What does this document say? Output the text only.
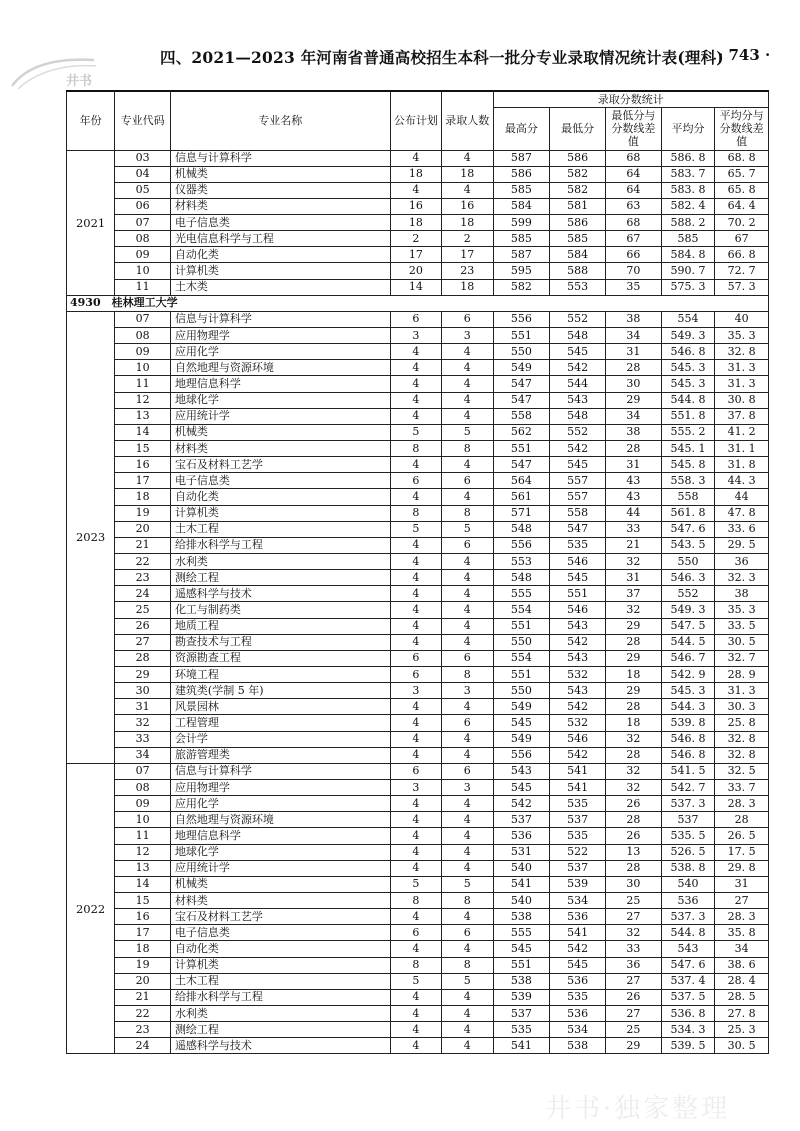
井书
四、2021—2023 年河南省普通高校招生本科一批分专业录取情况统计表(理科)
· 743 ·
年份	专业代码	专业名称	公布计划	录取人数	录取分数统计				
					最高分	最低分	最低分与分数线差值	平均分	平均分与分数线差值
2021	03	信息与计算科学	4	4	587	586	68	586. 8	68. 8
	04	机械类	18	18	586	582	64	583. 7	65. 7
	05	仪器类	4	4	585	582	64	583. 8	65. 8
	06	材料类	16	16	584	581	63	582. 4	64. 4
	07	电子信息类	18	18	599	586	68	588. 2	70. 2
	08	光电信息科学与工程	2	2	585	585	67	585	67
	09	自动化类	17	17	587	584	66	584. 8	66. 8
	10	计算机类	20	23	595	588	70	590. 7	72. 7
	11	土木类	14	18	582	553	35	575. 3	57. 3
4930　桂林理工大学									
2023	07	信息与计算科学	6	6	556	552	38	554	40
	08	应用物理学	3	3	551	548	34	549. 3	35. 3
	09	应用化学	4	4	550	545	31	546. 8	32. 8
	10	自然地理与资源环境	4	4	549	542	28	545. 3	31. 3
	11	地理信息科学	4	4	547	544	30	545. 3	31. 3
	12	地球化学	4	4	547	543	29	544. 8	30. 8
	13	应用统计学	4	4	558	548	34	551. 8	37. 8
	14	机械类	5	5	562	552	38	555. 2	41. 2
	15	材料类	8	8	551	542	28	545. 1	31. 1
	16	宝石及材料工艺学	4	4	547	545	31	545. 8	31. 8
	17	电子信息类	6	6	564	557	43	558. 3	44. 3
	18	自动化类	4	4	561	557	43	558	44
	19	计算机类	8	8	571	558	44	561. 8	47. 8
	20	土木工程	5	5	548	547	33	547. 6	33. 6
	21	给排水科学与工程	4	6	556	535	21	543. 5	29. 5
	22	水利类	4	4	553	546	32	550	36
	23	测绘工程	4	4	548	545	31	546. 3	32. 3
	24	遥感科学与技术	4	4	555	551	37	552	38
	25	化工与制药类	4	4	554	546	32	549. 3	35. 3
	26	地质工程	4	4	551	543	29	547. 5	33. 5
	27	勘查技术与工程	4	4	550	542	28	544. 5	30. 5
	28	资源勘查工程	6	6	554	543	29	546. 7	32. 7
	29	环境工程	6	8	551	532	18	542. 9	28. 9
	30	建筑类(学制 5 年)	3	3	550	543	29	545. 3	31. 3
	31	风景园林	4	4	549	542	28	544. 3	30. 3
	32	工程管理	4	6	545	532	18	539. 8	25. 8
	33	会计学	4	4	549	546	32	546. 8	32. 8
	34	旅游管理类	4	4	556	542	28	546. 8	32. 8
2022	07	信息与计算科学	6	6	543	541	32	541. 5	32. 5
	08	应用物理学	3	3	545	541	32	542. 7	33. 7
	09	应用化学	4	4	542	535	26	537. 3	28. 3
	10	自然地理与资源环境	4	4	537	537	28	537	28
	11	地理信息科学	4	4	536	535	26	535. 5	26. 5
	12	地球化学	4	4	531	522	13	526. 5	17. 5
	13	应用统计学	4	4	540	537	28	538. 8	29. 8
	14	机械类	5	5	541	539	30	540	31
	15	材料类	8	8	540	534	25	536	27
	16	宝石及材料工艺学	4	4	538	536	27	537. 3	28. 3
	17	电子信息类	6	6	555	541	32	544. 8	35. 8
	18	自动化类	4	4	545	542	33	543	34
	19	计算机类	8	8	551	545	36	547. 6	38. 6
	20	土木工程	5	5	538	536	27	537. 4	28. 4
	21	给排水科学与工程	4	4	539	535	26	537. 5	28. 5
	22	水利类	4	4	537	536	27	536. 8	27. 8
	23	测绘工程	4	4	535	534	25	534. 3	25. 3
	24	遥感科学与技术	4	4	541	538	29	539. 5	30. 5
井书·独家整理
